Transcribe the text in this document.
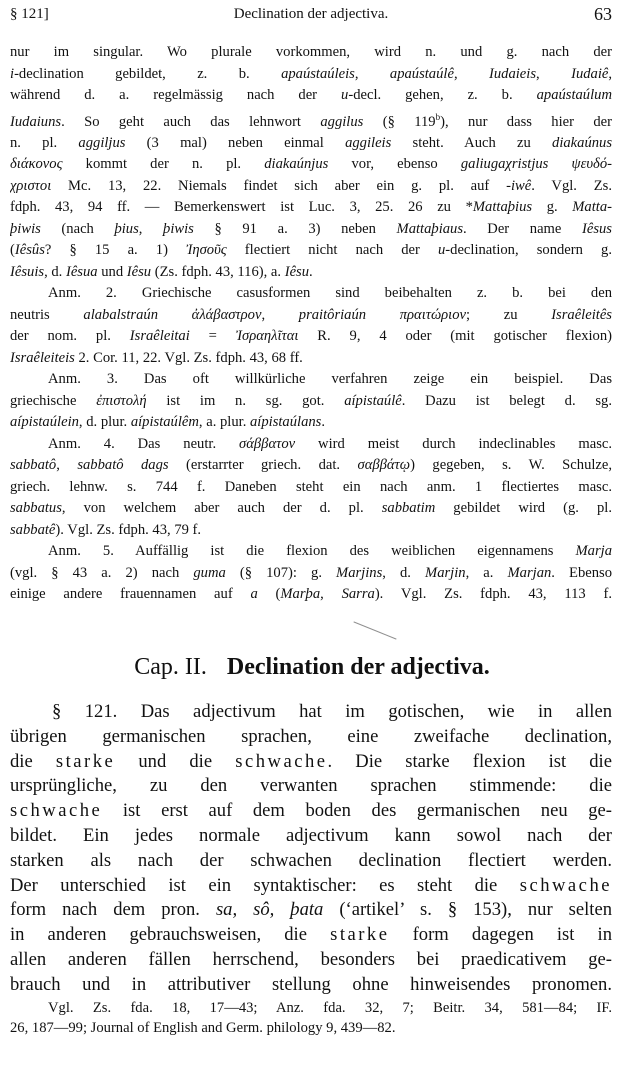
§ 121]	Declination der adjectiva.	63
nur im singular. Wo plurale vorkommen, wird n. und g. nach der
i-declination gebildet, z. b. apaústaúleis, apaústaúlê, Iudaieis, Iudaiê,
während d. a. regelmässig nach der u-decl. gehen, z. b. apaústaúlum
Iudaiuns. So geht auch das lehnwort aggilus (§ 119$^b$), nur dass hier der
n. pl. aggiljus (3 mal) neben einmal aggileis steht. Auch zu diakaúnus
διάκονος kommt der n. pl. diakaúnjus vor, ebenso galiugaχristjus ψευδό-
χριστοι Mc. 13, 22. Niemals findet sich aber ein g. pl. auf -iwê. Vgl. Zs.
fdph. 43, 94 ff. — Bemerkenswert ist Luc. 3, 25. 26 zu *Mattaþius g. Matta-
þiwis (nach þius, þiwis § 91 a. 3) neben Mattaþiaus. Der name Iêsus
(Iêsûs? § 15 a. 1) Ἰησοῦς flectiert nicht nach der u-declination, sondern g.
Iêsuis, d. Iêsua und Iêsu (Zs. fdph. 43, 116), a. Iêsu.
Anm. 2. Griechische casusformen sind beibehalten z. b. bei den
neutris alabalstraún ἀλάβαστρον, praitôriaún πραιτώριον; zu Israêleitês
der nom. pl. Israêleitai = Ἰσραηλῖται R. 9, 4 oder (mit gotischer flexion)
Israêleiteis 2. Cor. 11, 22. Vgl. Zs. fdph. 43, 68 ff.
Anm. 3. Das oft willkürliche verfahren zeige ein beispiel. Das
griechische ἐπιστολή ist im n. sg. got. aípistaúlê. Dazu ist belegt d. sg.
aípistaúlein, d. plur. aípistaúlêm, a. plur. aípistaúlans.
Anm. 4. Das neutr. σάββατον wird meist durch indeclinables masc.
sabbatô, sabbatô dags (erstarrter griech. dat. σαββάτῳ) gegeben, s. W. Schulze,
griech. lehnw. s. 744 f. Daneben steht ein nach anm. 1 flectiertes masc.
sabbatus, von welchem aber auch der d. pl. sabbatim gebildet wird (g. pl.
sabbatê). Vgl. Zs. fdph. 43, 79 f.
Anm. 5. Auffällig ist die flexion des weiblichen eigennamens Marja
(vgl. § 43 a. 2) nach guma (§ 107): g. Marjins, d. Marjin, a. Marjan. Ebenso
einige andere frauennamen auf a (Marþa, Sarra). Vgl. Zs. fdph. 43, 113 f.
Cap. II. Declination der adjectiva.
§ 121. Das adjectivum hat im gotischen, wie in allen
übrigen germanischen sprachen, eine zweifache declination,
die starke und die schwache. Die starke flexion ist die
ursprüngliche, zu den verwanten sprachen stimmende: die
schwache ist erst auf dem boden des germanischen neu ge-
bildet. Ein jedes normale adjectivum kann sowol nach der
starken als nach der schwachen declination flectiert werden.
Der unterschied ist ein syntaktischer: es steht die schwache
form nach dem pron. sa, sô, þata (‘artikel’ s. § 153), nur selten
in anderen gebrauchsweisen, die starke form dagegen ist in
allen anderen fällen herrschend, besonders bei praedicativem ge-
brauch und in attributiver stellung ohne hinweisendes pronomen.
Vgl. Zs. fda. 18, 17—43; Anz. fda. 32, 7; Beitr. 34, 581—84; IF.
26, 187—99; Journal of English and Germ. philology 9, 439—82.
